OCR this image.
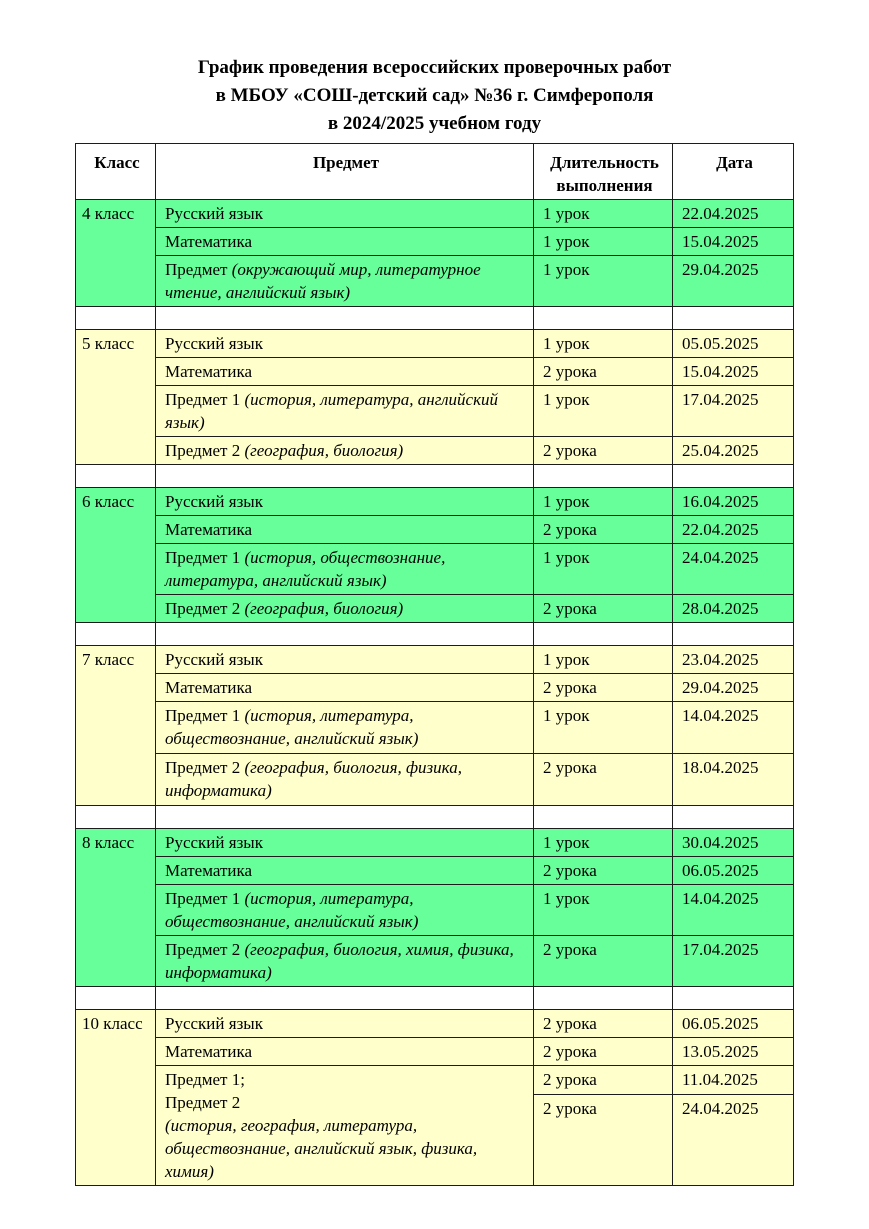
График проведения всероссийских проверочных работ
в МБОУ «СОШ-детский сад» №36 г. Симферополя
в 2024/2025 учебном году
Класс	Предмет	Длительность выполнения	Дата
4 класс	Русский язык	1 урок	22.04.2025
	Математика	1 урок	15.04.2025
	Предмет (окружающий мир, литературное чтение, английский язык)	1 урок	29.04.2025

5 класс	Русский язык	1 урок	05.05.2025
	Математика	2 урока	15.04.2025
	Предмет 1 (история, литература, английский язык)	1 урок	17.04.2025
	Предмет 2 (география, биология)	2 урока	25.04.2025

6 класс	Русский язык	1 урок	16.04.2025
	Математика	2 урока	22.04.2025
	Предмет 1 (история, обществознание, литература, английский язык)	1 урок	24.04.2025
	Предмет 2 (география, биология)	2 урока	28.04.2025

7 класс	Русский язык	1 урок	23.04.2025
	Математика	2 урока	29.04.2025
	Предмет 1 (история, литература, обществознание, английский язык)	1 урок	14.04.2025
	Предмет 2 (география, биология, физика, информатика)	2 урока	18.04.2025

8 класс	Русский язык	1 урок	30.04.2025
	Математика	2 урока	06.05.2025
	Предмет 1 (история, литература, обществознание, английский язык)	1 урок	14.04.2025
	Предмет 2 (география, биология, химия, физика, информатика)	2 урока	17.04.2025

10 класс	Русский язык	2 урока	06.05.2025
	Математика	2 урока	13.05.2025

	Предмет 1;
Предмет 2
(история, география, литература, обществознание, английский язык, физика, химия)	2 урока	11.04.2025
		2 урока	24.04.2025
